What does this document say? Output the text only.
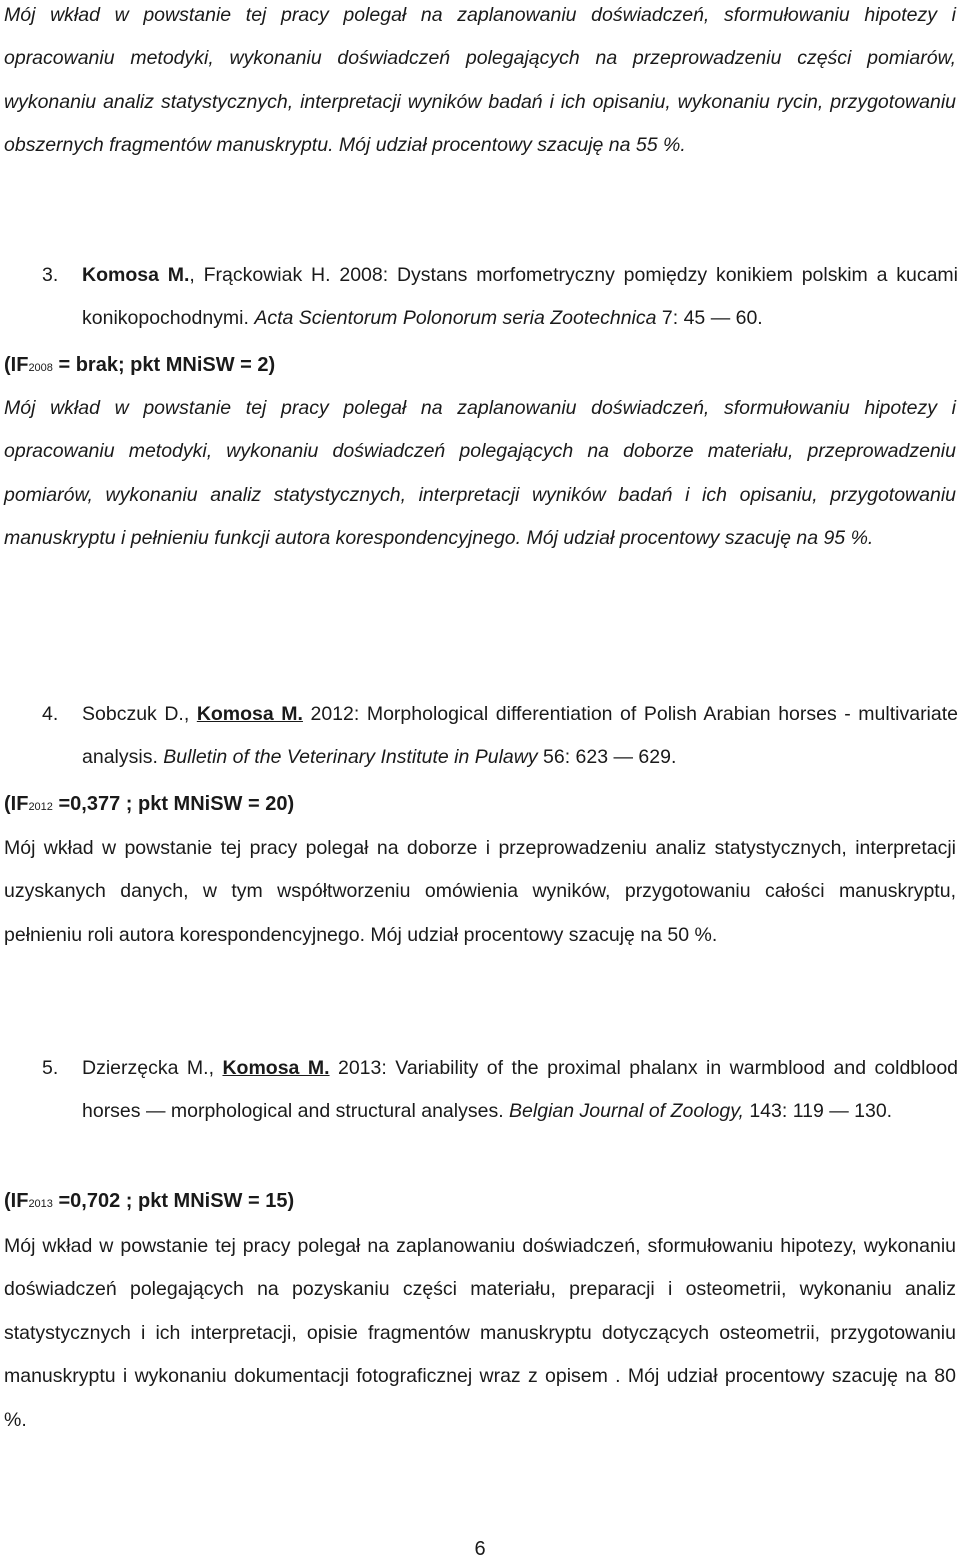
Mój wkład w powstanie tej pracy polegał na zaplanowaniu doświadczeń, sformułowaniu hipotezy i opracowaniu metodyki, wykonaniu doświadczeń polegających na przeprowadzeniu części pomiarów, wykonaniu analiz statystycznych, interpretacji wyników badań i ich opisaniu, wykonaniu rycin, przygotowaniu obszernych fragmentów manuskryptu. Mój udział procentowy szacuję na 55 %.

3.	Komosa M., Frąckowiak H. 2008: Dystans morfometryczny pomiędzy konikiem polskim a kucami konikopochodnymi. Acta Scientorum Polonorum seria Zootechnica 7: 45 — 60.

(IF2008 = brak; pkt MNiSW = 2)

Mój wkład w powstanie tej pracy polegał na zaplanowaniu doświadczeń, sformułowaniu hipotezy i opracowaniu metodyki, wykonaniu doświadczeń polegających na doborze materiału, przeprowadzeniu pomiarów, wykonaniu analiz statystycznych, interpretacji wyników badań i ich opisaniu, przygotowaniu manuskryptu i pełnieniu funkcji autora korespondencyjnego. Mój udział procentowy szacuję na 95 %.

4.	Sobczuk D., Komosa M. 2012: Morphological differentiation of Polish Arabian horses - multivariate analysis. Bulletin of the Veterinary Institute in Pulawy 56: 623 — 629.

(IF2012 =0,377 ; pkt MNiSW = 20)

Mój wkład w powstanie tej pracy polegał na doborze i przeprowadzeniu analiz statystycznych, interpretacji uzyskanych danych, w tym współtworzeniu omówienia wyników, przygotowaniu całości manuskryptu, pełnieniu roli autora korespondencyjnego. Mój udział procentowy szacuję na 50 %.

5.	Dzierzęcka M., Komosa M. 2013: Variability of the proximal phalanx in warmblood and coldblood horses — morphological and structural analyses. Belgian Journal of Zoology, 143: 119 — 130.

(IF2013 =0,702 ; pkt MNiSW = 15)

Mój wkład w powstanie tej pracy polegał na zaplanowaniu doświadczeń, sformułowaniu hipotezy, wykonaniu doświadczeń polegających na pozyskaniu części materiału, preparacji i osteometrii, wykonaniu analiz statystycznych i ich interpretacji, opisie fragmentów manuskryptu dotyczących osteometrii, przygotowaniu manuskryptu i wykonaniu dokumentacji fotograficznej wraz z opisem . Mój udział procentowy szacuję na 80 %.

6
